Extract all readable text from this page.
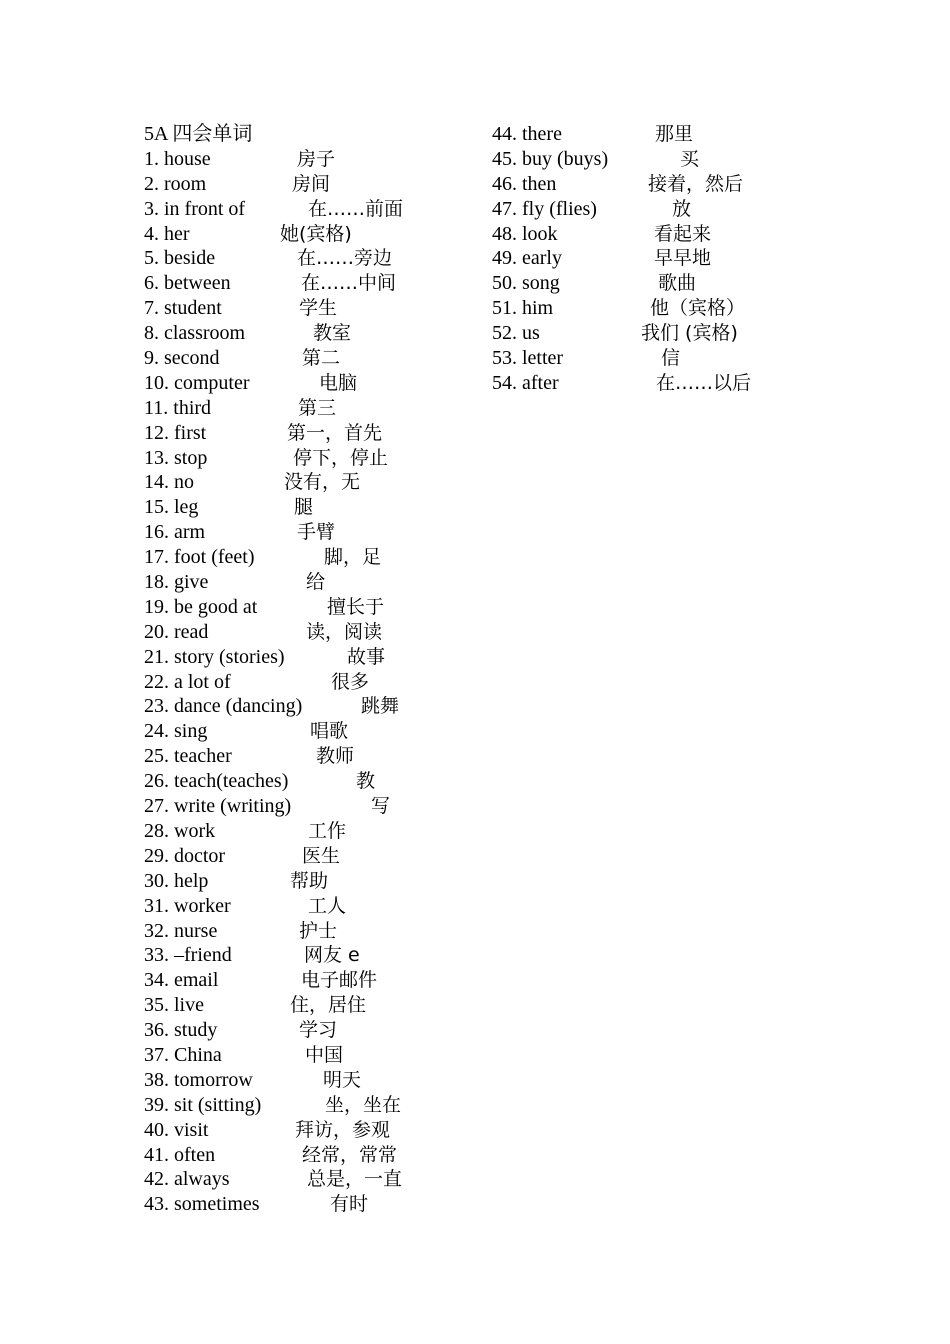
5A 四会单词
1. house	房子
2. room	房间
3. in front of	在……前面
4. her	她(宾格)
5. beside	在……旁边
6. between	在……中间
7. student	学生
8. classroom	教室
9. second	第二
10. computer	电脑
11. third	第三
12. first	第一，首先
13. stop	停下，停止
14. no	没有，无
15. leg	腿
16. arm	手臂
17. foot (feet)	脚，足
18. give	给
19. be good at	擅长于
20. read	读，阅读
21. story (stories)	故事
22. a lot of	很多
23. dance (dancing)	跳舞
24. sing	唱歌
25. teacher	教师
26. teach(teaches)	教
27. write (writing)	写
28. work	工作
29. doctor	医生
30. help	帮助
31. worker	工人
32. nurse	护士
33. –friend	网友 e
34. email	电子邮件
35. live	住，居住
36. study	学习
37. China	中国
38. tomorrow	明天
39. sit (sitting)	坐，坐在
40. visit	拜访，参观
41. often	经常，常常
42. always	总是，一直
43. sometimes	有时
44. there	那里
45. buy (buys)	买
46. then	接着，然后
47. fly (flies)	放
48. look	看起来
49. early	早早地
50. song	歌曲
51. him	他（宾格）
52. us	我们 (宾格)
53. letter	信
54. after	在……以后
